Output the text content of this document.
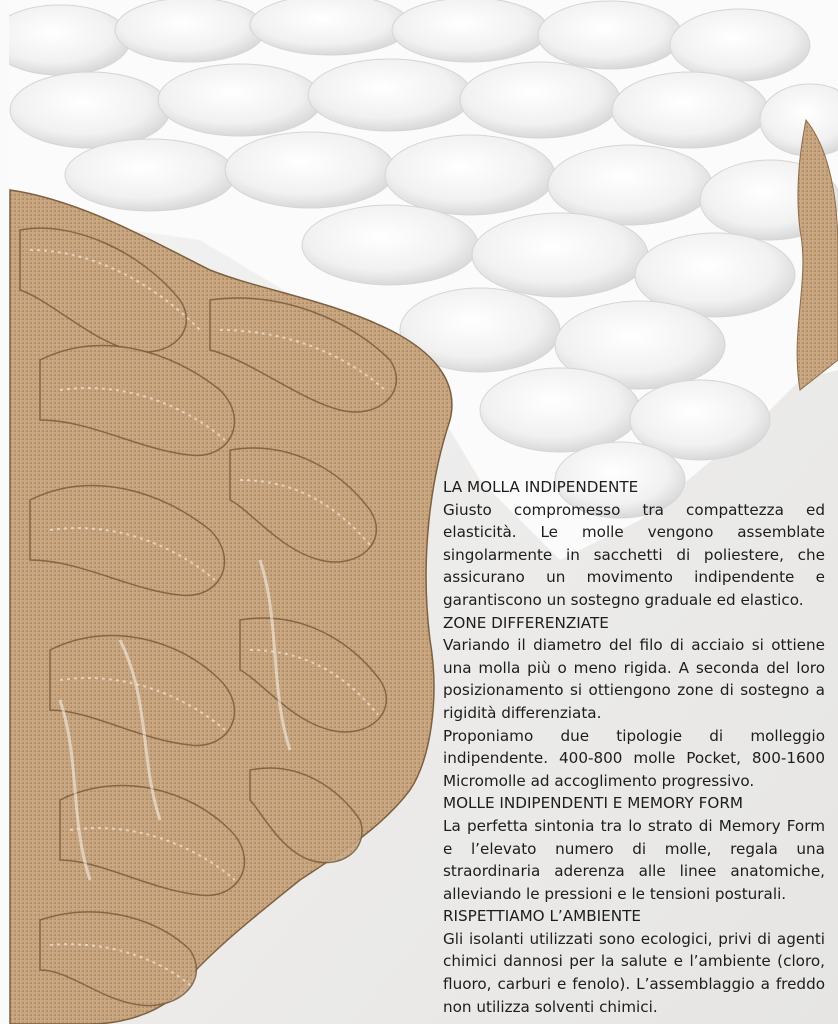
LA MOLLA INDIPENDENTE

Giusto compromesso tra compattezza ed elasticità. Le molle vengono assemblate singolarmente in sacchetti di poliestere, che assicurano un movimento indipendente e garantiscono un sostegno graduale ed elastico.

ZONE DIFFERENZIATE

Variando il diametro del filo di acciaio si ottiene una molla più o meno rigida. A seconda del loro posizionamento si ottiengono zone di sostegno a rigidità differenziata.

Proponiamo due tipologie di molleggio indipendente. 400-800 molle Pocket, 800-1600 Micromolle ad accoglimento progressivo.

MOLLE INDIPENDENTI E MEMORY FORM

La perfetta sintonia tra lo strato di Memory Form e l’elevato numero di molle, regala una straordinaria aderenza alle linee anatomiche, alleviando le pressioni e le tensioni posturali.

RISPETTIAMO L’AMBIENTE

Gli isolanti utilizzati sono ecologici, privi di agenti chimici dannosi per la salute e l’ambiente (cloro, fluoro, carburi e fenolo). L’assemblaggio a freddo non utilizza solventi chimici.
